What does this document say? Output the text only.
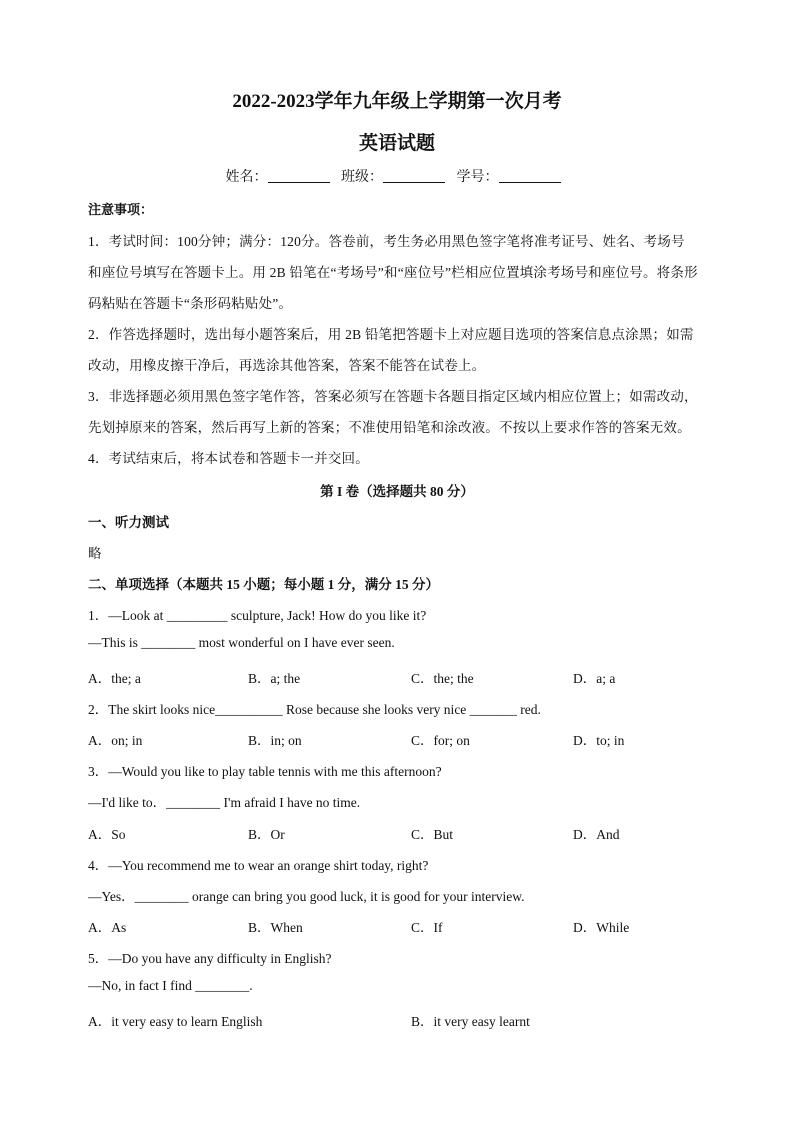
2022-2023学年九年级上学期第一次月考
英语试题
姓名：	班级：	学号：
注意事项：
1．考试时间：100分钟；满分：120分。答卷前，考生务必用黑色签字笔将准考证号、姓名、考场号
和座位号填写在答题卡上。用 2B 铅笔在“考场号”和“座位号”栏相应位置填涂考场号和座位号。将条形
码粘贴在答题卡“条形码粘贴处”。
2．作答选择题时，选出每小题答案后，用 2B 铅笔把答题卡上对应题目选项的答案信息点涂黑；如需
改动，用橡皮擦干净后，再选涂其他答案，答案不能答在试卷上。
3．非选择题必须用黑色签字笔作答，答案必须写在答题卡各题目指定区域内相应位置上；如需改动，
先划掉原来的答案，然后再写上新的答案；不准使用铅笔和涂改液。不按以上要求作答的答案无效。
4．考试结束后，将本试卷和答题卡一并交回。
第 I 卷（选择题共 80 分）
一、听力测试
略
二、单项选择（本题共 15 小题；每小题 1 分，满分 15 分）
1．—Look at _________ sculpture, Jack! How do you like it?
—This is ________ most wonderful on I have ever seen.
A．the; a	B．a; the	C．the; the	D．a; a
2．The skirt looks nice__________ Rose because she looks very nice _______ red.
A．on; in	B．in; on	C．for; on	D．to; in
3．—Would you like to play table tennis with me this afternoon?
—I'd like to．________ I'm afraid I have no time.
A．So	B．Or	C．But	D．And
4．—You recommend me to wear an orange shirt today, right?
—Yes．________ orange can bring you good luck, it is good for your interview.
A．As	B．When	C．If	D．While
5．—Do you have any difficulty in English?
—No, in fact I find ________.
A．it very easy to learn English	B．it very easy learnt
